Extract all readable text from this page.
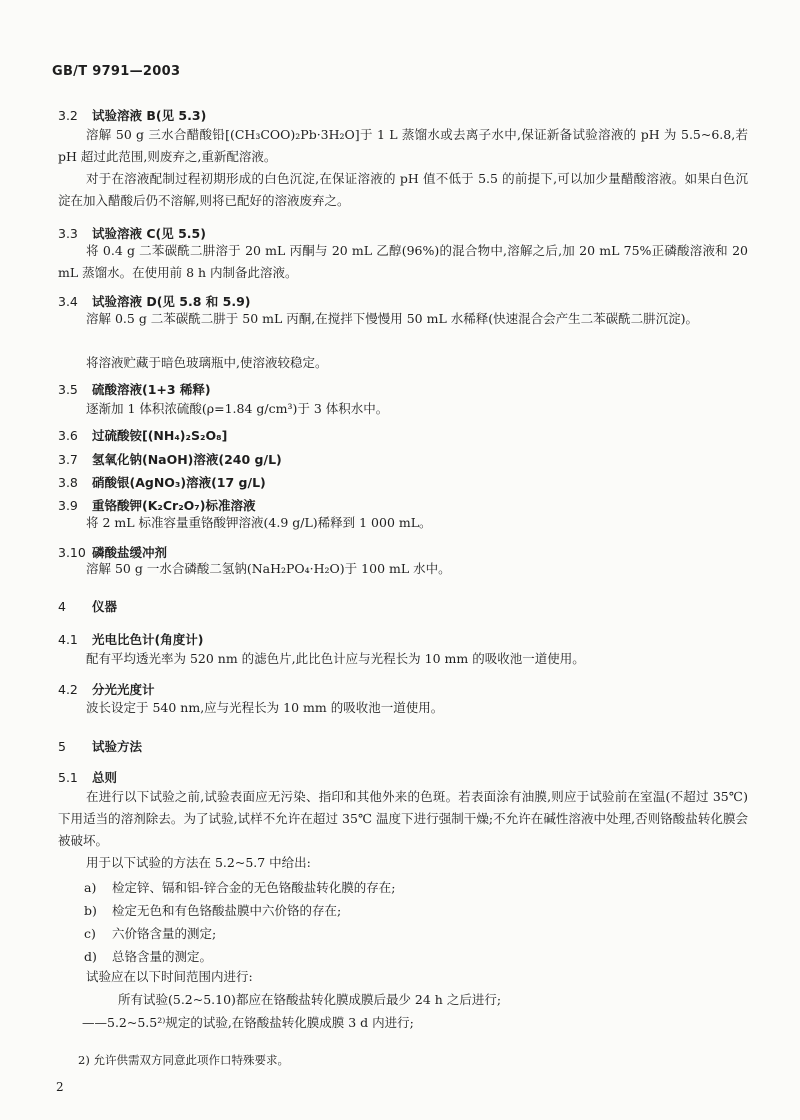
GB/T 9791—2003
3.2 试验溶液 B(见 5.3)
溶解 50 g 三水合醋酸铅[(CH₃COO)₂Pb·3H₂O]于 1 L 蒸馏水或去离子水中,保证新备试验溶液的 pH 为 5.5~6.8,若 pH 超过此范围,则废弃之,重新配溶液。
对于在溶液配制过程初期形成的白色沉淀,在保证溶液的 pH 值不低于 5.5 的前提下,可以加少量醋酸溶液。如果白色沉淀在加入醋酸后仍不溶解,则将已配好的溶液废弃之。
3.3 试验溶液 C(见 5.5)
将 0.4 g 二苯碳酰二肼溶于 20 mL 丙酮与 20 mL 乙醇(96%)的混合物中,溶解之后,加 20 mL 75%正磷酸溶液和 20 mL 蒸馏水。在使用前 8 h 内制备此溶液。
3.4 试验溶液 D(见 5.8 和 5.9)
溶解 0.5 g 二苯碳酰二肼于 50 mL 丙酮,在搅拌下慢慢用 50 mL 水稀释(快速混合会产生二苯碳酰二肼沉淀)。
将溶液贮藏于暗色玻璃瓶中,使溶液较稳定。
3.5 硫酸溶液(1+3 稀释)
逐渐加 1 体积浓硫酸(ρ=1.84 g/cm³)于 3 体积水中。
3.6 过硫酸铵[(NH₄)₂S₂O₈]
3.7 氢氧化钠(NaOH)溶液(240 g/L)
3.8 硝酸银(AgNO₃)溶液(17 g/L)
3.9 重铬酸钾(K₂Cr₂O₇)标准溶液
将 2 mL 标准容量重铬酸钾溶液(4.9 g/L)稀释到 1 000 mL。
3.10 磷酸盐缓冲剂
溶解 50 g 一水合磷酸二氢钠(NaH₂PO₄·H₂O)于 100 mL 水中。
4 仪器
4.1 光电比色计(角度计)
配有平均透光率为 520 nm 的滤色片,此比色计应与光程长为 10 mm 的吸收池一道使用。
4.2 分光光度计
波长设定于 540 nm,应与光程长为 10 mm 的吸收池一道使用。
5 试验方法
5.1 总则
在进行以下试验之前,试验表面应无污染、指印和其他外来的色斑。若表面涂有油膜,则应于试验前在室温(不超过 35℃)下用适当的溶剂除去。为了试验,试样不允许在超过 35℃ 温度下进行强制干燥;不允许在碱性溶液中处理,否则铬酸盐转化膜会被破坏。
用于以下试验的方法在 5.2~5.7 中给出:
a) 检定锌、镉和铝-锌合金的无色铬酸盐转化膜的存在;
b) 检定无色和有色铬酸盐膜中六价铬的存在;
c) 六价铬含量的测定;
d) 总铬含量的测定。
试验应在以下时间范围内进行:
所有试验(5.2~5.10)都应在铬酸盐转化膜成膜后最少 24 h 之后进行;
——5.2~5.5²⁾规定的试验,在铬酸盐转化膜成膜 3 d 内进行;
2) 允许供需双方同意此项作口特殊要求。
2
